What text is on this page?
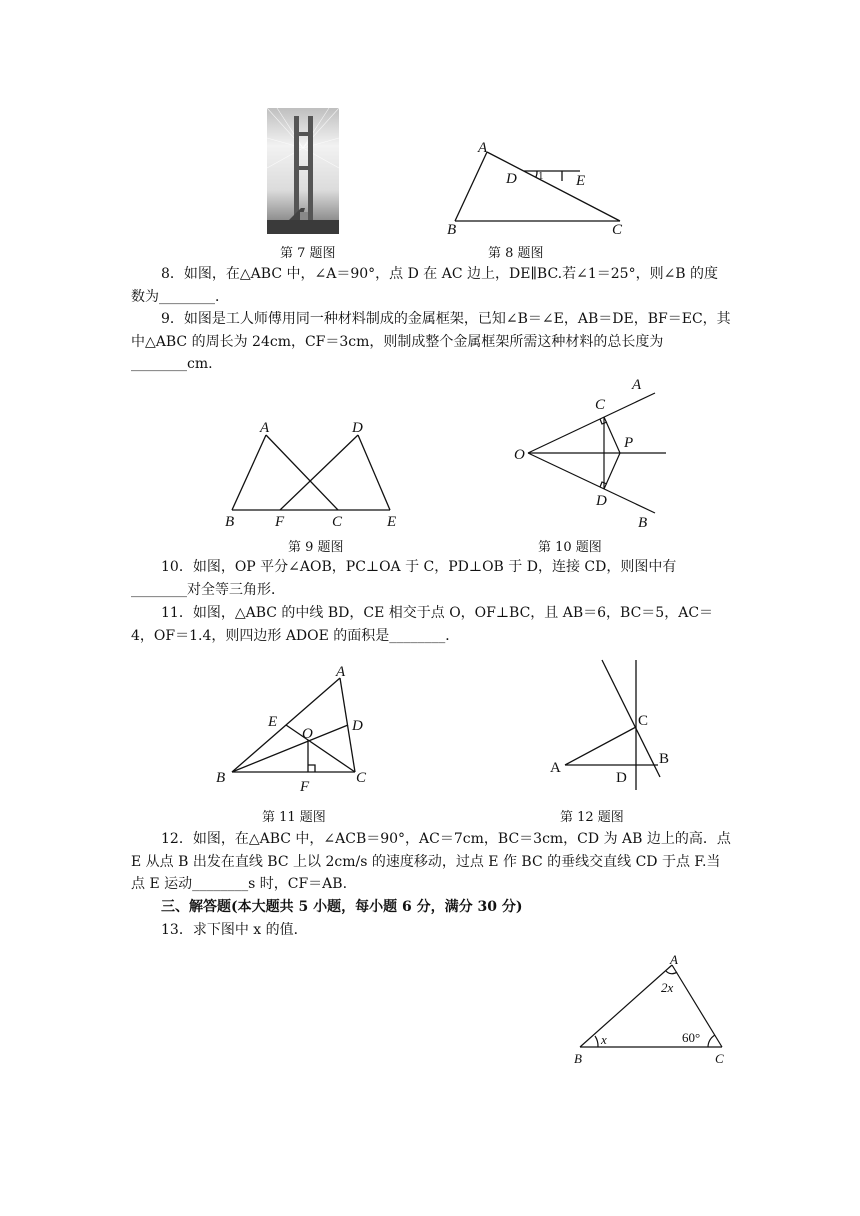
第 7 题图
A
B	C
D	E
1
第 8 题图
8．如图，在△ABC 中，∠A＝90°，点 D 在 AC 边上，DE∥BC.若∠1＝25°，则∠B 的度数为________．
9．如图是工人师傅用同一种材料制成的金属框架，已知∠B＝∠E，AB＝DE，BF＝EC，其中△ABC 的周长为 24cm，CF＝3cm，则制成整个金属框架所需这种材料的总长度为________cm.
A	D
B	F	C	E
第 9 题图
O
A
B
C
D
P
第 10 题图
10．如图，OP 平分∠AOB，PC⊥OA 于 C，PD⊥OB 于 D，连接 CD，则图中有________对全等三角形．
11．如图，△ABC 的中线 BD，CE 相交于点 O，OF⊥BC，且 AB＝6，BC＝5，AC＝4，OF＝1.4，则四边形 ADOE 的面积是________．
A
B	C
D
E
O
F
第 11 题图
C
B
A
D
第 12 题图
12．如图，在△ABC 中，∠ACB＝90°，AC＝7cm，BC＝3cm，CD 为 AB 边上的高．点 E 从点 B 出发在直线 BC 上以 2cm/s 的速度移动，过点 E 作 BC 的垂线交直线 CD 于点 F.当点 E 运动________s 时，CF＝AB.
三、解答题(本大题共 5 小题，每小题 6 分，满分 30 分)
13．求下图中 x 的值．
A
B	C
2x
x	60°
